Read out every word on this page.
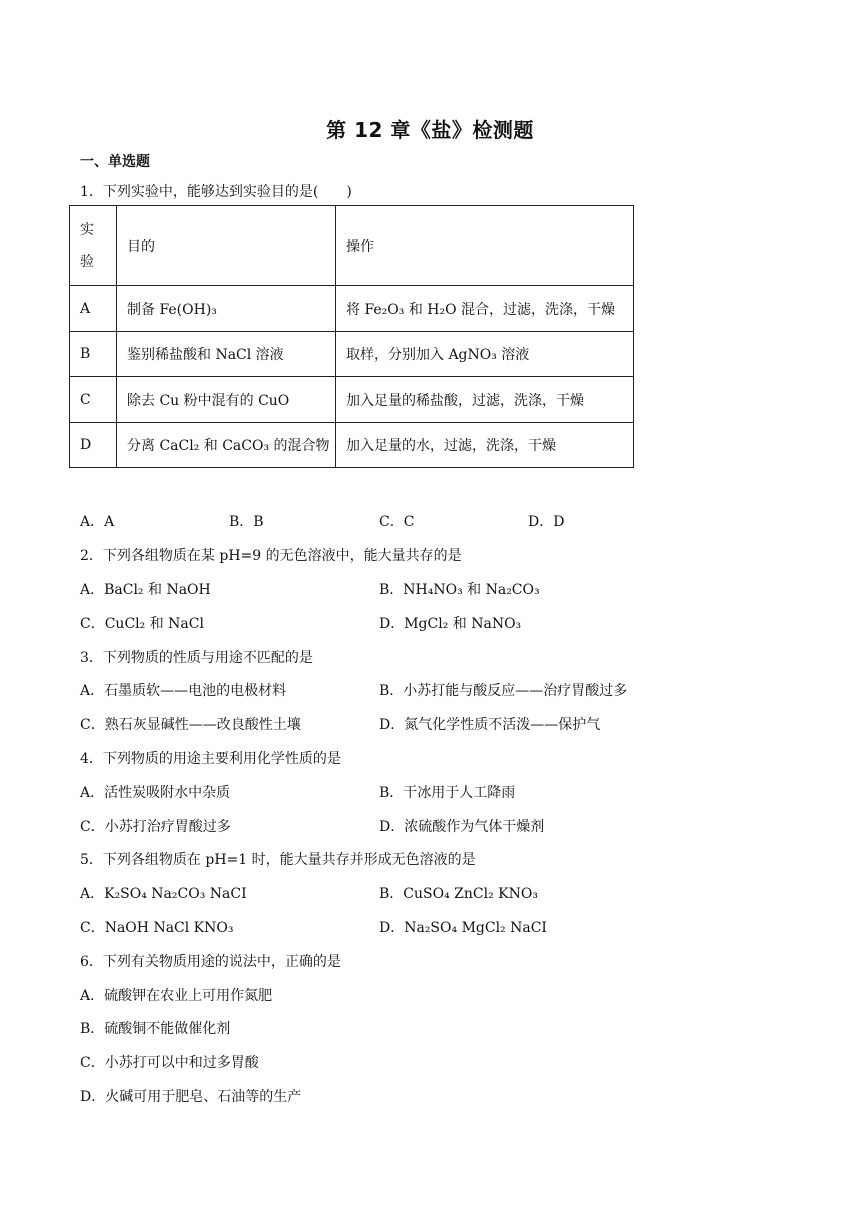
第 12 章《盐》检测题
一、单选题
1．下列实验中，能够达到实验目的是(　　)
实
验	目的	操作
A	制备 Fe(OH)₃	将 Fe₂O₃ 和 H₂O 混合，过滤，洗涤，干燥
B	鉴别稀盐酸和 NaCl 溶液	取样，分别加入 AgNO₃ 溶液
C	除去 Cu 粉中混有的 CuO	加入足量的稀盐酸，过滤，洗涤，干燥
D	分离 CaCl₂ 和 CaCO₃ 的混合物	加入足量的水，过滤，洗涤，干燥
A．A	B．B	C．C	D．D
2．下列各组物质在某 pH=9 的无色溶液中，能大量共存的是
A．BaCl₂ 和 NaOH	B．NH₄NO₃ 和 Na₂CO₃
C．CuCl₂ 和 NaCl	D．MgCl₂ 和 NaNO₃
3．下列物质的性质与用途不匹配的是
A．石墨质软——电池的电极材料	B．小苏打能与酸反应——治疗胃酸过多
C．熟石灰显碱性——改良酸性土壤	D．氮气化学性质不活泼——保护气
4．下列物质的用途主要利用化学性质的是
A．活性炭吸附水中杂质	B．干冰用于人工降雨
C．小苏打治疗胃酸过多	D．浓硫酸作为气体干燥剂
5．下列各组物质在 pH=1 时，能大量共存并形成无色溶液的是
A．K₂SO₄ Na₂CO₃ NaCI	B．CuSO₄ ZnCl₂ KNO₃
C．NaOH NaCl KNO₃	D．Na₂SO₄ MgCl₂ NaCI
6．下列有关物质用途的说法中，正确的是
A．硫酸钾在农业上可用作氮肥
B．硫酸铜不能做催化剂
C．小苏打可以中和过多胃酸
D．火碱可用于肥皂、石油等的生产
